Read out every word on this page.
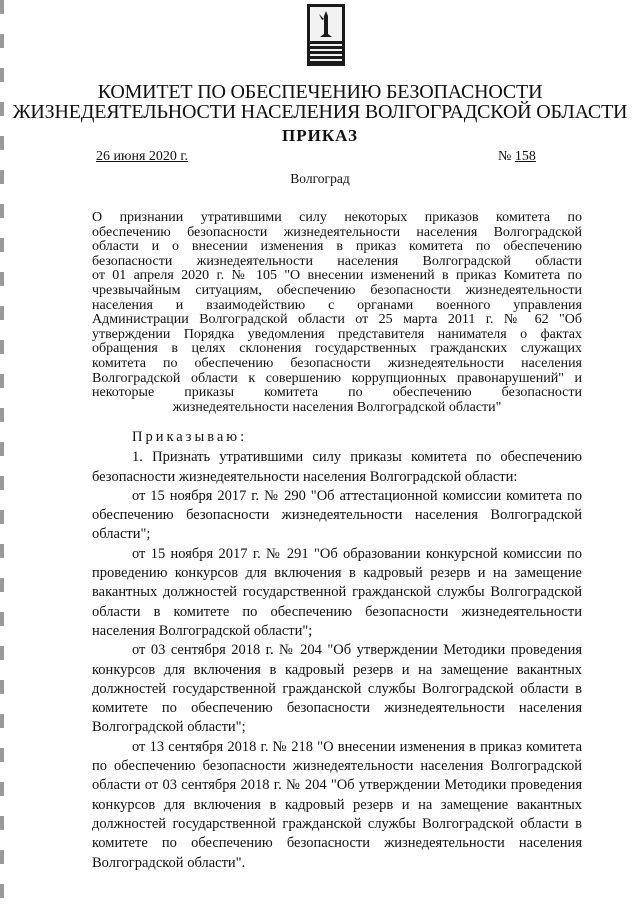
КОМИТЕТ ПО ОБЕСПЕЧЕНИЮ БЕЗОПАСНОСТИ
ЖИЗНЕДЕЯТЕЛЬНОСТИ НАСЕЛЕНИЯ ВОЛГОГРАДСКОЙ ОБЛАСТИ
ПРИКАЗ
26 июня 2020 г.	№ 158
Волгоград
О признании утратившими силу некоторых приказов комитета по
обеспечению безопасности жизнедеятельности населения Волгоградской
области и о внесении изменения в приказ комитета по обеспечению
безопасности жизнедеятельности населения Волгоградской области
от 01 апреля 2020 г. № 105 "О внесении изменений в приказ Комитета по
чрезвычайным ситуациям, обеспечению безопасности жизнедеятельности
населения и взаимодействию с органами военного управления
Администрации Волгоградской области от 25 марта 2011 г. № 62 "Об
утверждении Порядка уведомления представителя нанимателя о фактах
обращения в целях склонения государственных гражданских служащих
комитета по обеспечению безопасности жизнедеятельности населения
Волгоградской области к совершению коррупционных правонарушений" и
некоторые приказы комитета по обеспечению безопасности
жизнедеятельности населения Волгоградской области"

Приказываю:

1. Признать утратившими силу приказы комитета по обеспечению безопасности жизнедеятельности населения Волгоградской области:

от 15 ноября 2017 г. № 290 "Об аттестационной комиссии комитета по обеспечению безопасности жизнедеятельности населения Волгоградской области";

от 15 ноября 2017 г. № 291 "Об образовании конкурсной комиссии по проведению конкурсов для включения в кадровый резерв и на замещение вакантных должностей государственной гражданской службы Волгоградской области в комитете по обеспечению безопасности жизнедеятельности населения Волгоградской области";

от 03 сентября 2018 г. № 204 "Об утверждении Методики проведения конкурсов для включения в кадровый резерв и на замещение вакантных должностей государственной гражданской службы Волгоградской области в комитете по обеспечению безопасности жизнедеятельности населения Волгоградской области";

от 13 сентября 2018 г. № 218 "О внесении изменения в приказ комитета по обеспечению безопасности жизнедеятельности населения Волгоградской области от 03 сентября 2018 г. № 204 "Об утверждении Методики проведения конкурсов для включения в кадровый резерв и на замещение вакантных должностей государственной гражданской службы Волгоградской области в комитете по обеспечению безопасности жизнедеятельности населения Волгоградской области".
